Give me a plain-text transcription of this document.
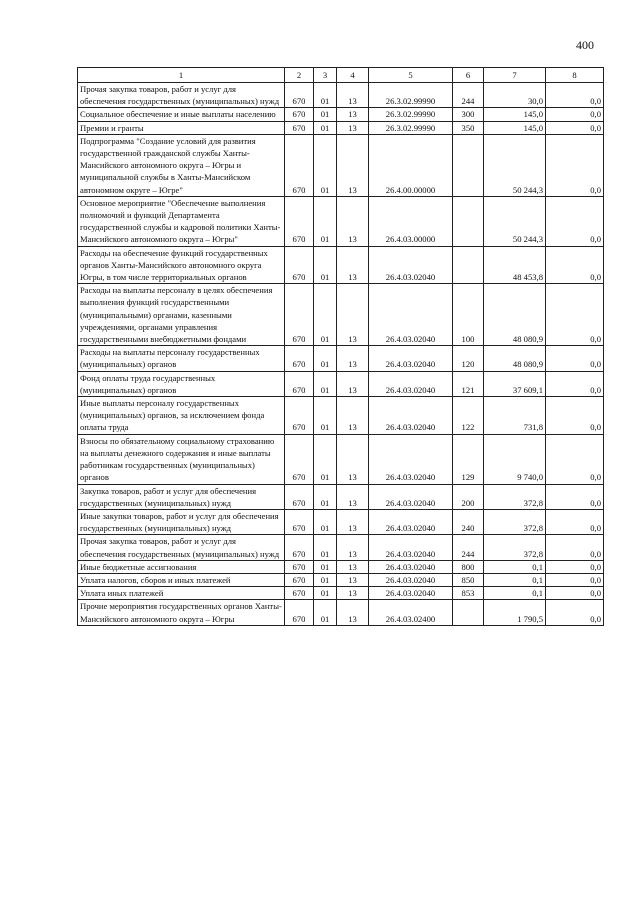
400
1	2	3	4	5	6	7	8
Прочая закупка товаров, работ и услуг для обеспечения государственных (муниципальных) нужд	670	01	13	26.3.02.99990	244	30,0	0,0
Социальное обеспечение и иные выплаты населению	670	01	13	26.3.02.99990	300	145,0	0,0
Премии и гранты	670	01	13	26.3.02.99990	350	145,0	0,0
Подпрограмма "Создание условий для развития государственной гражданской службы Ханты-Мансийского автономного округа – Югры и муниципальной службы в Ханты-Мансийском автономном округе – Югре"	670	01	13	26.4.00.00000		50 244,3	0,0
Основное мероприятие "Обеспечение выполнения полномочий и функций Департамента государственной службы и кадровой политики Ханты-Мансийского автономного округа – Югры"	670	01	13	26.4.03.00000		50 244,3	0,0
Расходы на обеспечение функций государственных органов Ханты-Мансийского автономного округа Югры, в том числе территориальных органов	670	01	13	26.4.03.02040		48 453,8	0,0
Расходы на выплаты персоналу в целях обеспечения выполнения функций государственными (муниципальными) органами, казенными учреждениями, органами управления государственными внебюджетными фондами	670	01	13	26.4.03.02040	100	48 080,9	0,0
Расходы на выплаты персоналу государственных (муниципальных) органов	670	01	13	26.4.03.02040	120	48 080,9	0,0
Фонд оплаты труда государственных (муниципальных) органов	670	01	13	26.4.03.02040	121	37 609,1	0,0
Иные выплаты персоналу государственных (муниципальных) органов, за исключением фонда оплаты труда	670	01	13	26.4.03.02040	122	731,8	0,0
Взносы по обязательному социальному страхованию на выплаты денежного содержания и иные выплаты работникам государственных (муниципальных) органов	670	01	13	26.4.03.02040	129	9 740,0	0,0
Закупка товаров, работ и услуг для обеспечения государственных (муниципальных) нужд	670	01	13	26.4.03.02040	200	372,8	0,0
Иные закупки товаров, работ и услуг для обеспечения государственных (муниципальных) нужд	670	01	13	26.4.03.02040	240	372,8	0,0
Прочая закупка товаров, работ и услуг для обеспечения государственных (муниципальных) нужд	670	01	13	26.4.03.02040	244	372,8	0,0
Иные бюджетные ассигнования	670	01	13	26.4.03.02040	800	0,1	0,0
Уплата налогов, сборов и иных платежей	670	01	13	26.4.03.02040	850	0,1	0,0
Уплата иных платежей	670	01	13	26.4.03.02040	853	0,1	0,0
Прочие мероприятия государственных органов Ханты-Мансийского автономного округа – Югры	670	01	13	26.4.03.02400		1 790,5	0,0
